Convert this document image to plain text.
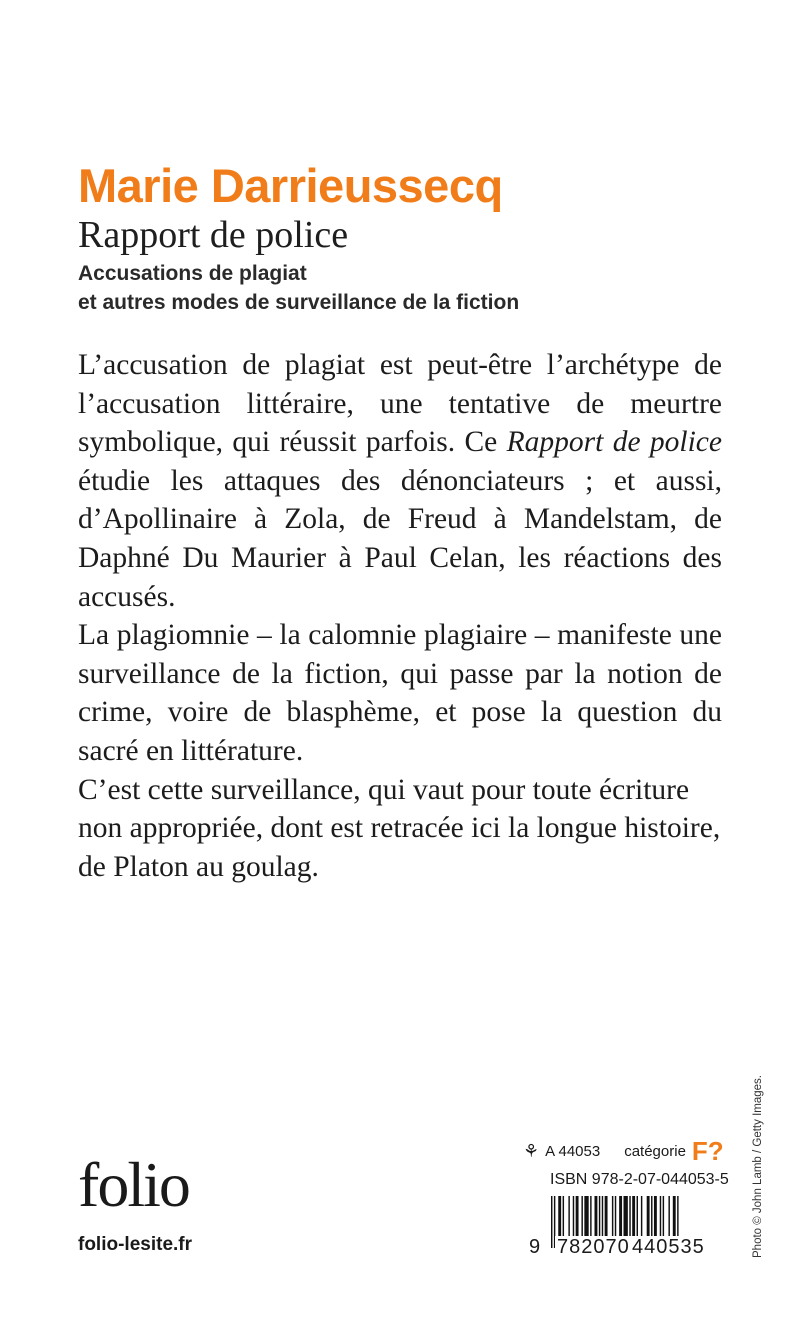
Marie Darrieussecq
Rapport de police
Accusations de plagiat
et autres modes de surveillance de la fiction

L’accusation de plagiat est peut-être l’archétype de l’accusation littéraire, une tentative de meurtre symbolique, qui réussit parfois. Ce Rapport de police étudie les attaques des dénonciateurs ; et aussi, d’Apollinaire à Zola, de Freud à Mandelstam, de Daphné Du Maurier à Paul Celan, les réactions des accusés.

La plagiomnie – la calomnie plagiaire – manifeste une surveillance de la fiction, qui passe par la notion de crime, voire de blasphème, et pose la question du sacré en littérature.

C’est cette surveillance, qui vaut pour toute écriture non appropriée, dont est retracée ici la longue histoire, de Platon au goulag.

Photo © John Lamb / Getty Images.
folio
folio-lesite.fr
⚘ A 44053 catégorie F?
ISBN 978-2-07-044053-5
9 782070 440535
